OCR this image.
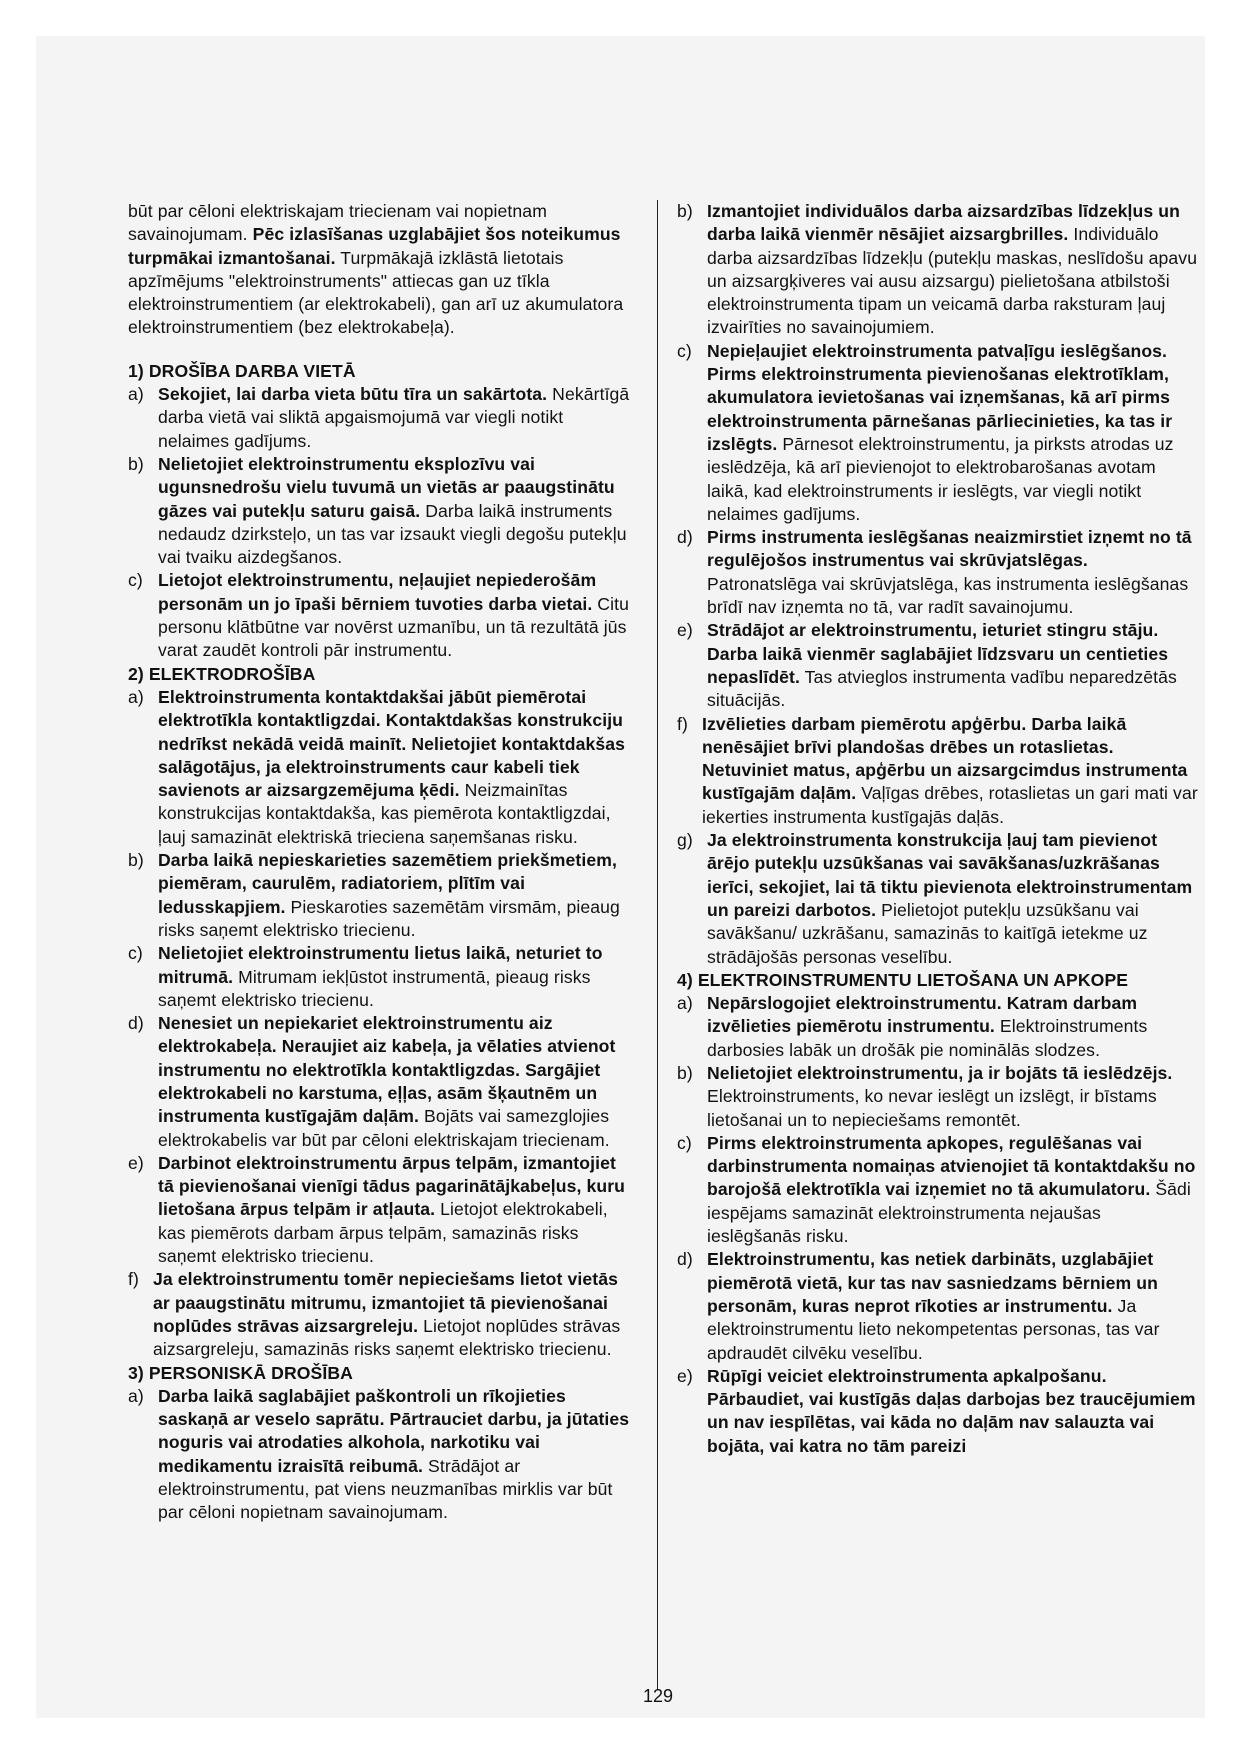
būt par cēloni elektriskajam triecienam vai nopietnam savainojumam. Pēc izlasīšanas uzglabājiet šos noteikumus turpmākai izmantošanai. Turpmākajā izklāstā lietotais apzīmējums "elektroinstruments" attiecas gan uz tīkla elektroinstrumentiem (ar elektrokabeli), gan arī uz akumulatora elektroinstrumentiem (bez elektrokabeļa).

1) DROŠĪBA DARBA VIETĀ

a) Sekojiet, lai darba vieta būtu tīra un sakārtota. Nekārtīgā darba vietā vai sliktā apgaismojumā var viegli notikt nelaimes gadījums.

b) Nelietojiet elektroinstrumentu eksplozīvu vai ugunsnedrošu vielu tuvumā un vietās ar paaugstinātu gāzes vai putekļu saturu gaisā. Darba laikā instruments nedaudz dzirksteļo, un tas var izsaukt viegli degošu putekļu vai tvaiku aizdegšanos.

c) Lietojot elektroinstrumentu, neļaujiet nepiederošām personām un jo īpaši bērniem tuvoties darba vietai. Citu personu klātbūtne var novērst uzmanību, un tā rezultātā jūs varat zaudēt kontroli pār instrumentu.

2) ELEKTRODROŠĪBA

a) Elektroinstrumenta kontaktdakšai jābūt piemērotai elektrotīkla kontaktligzdai. Kontaktdakšas konstrukciju nedrīkst nekādā veidā mainīt. Nelietojiet kontaktdakšas salāgotājus, ja elektroinstruments caur kabeli tiek savienots ar aizsargzemējuma ķēdi. Neizmainītas konstrukcijas kontaktdakša, kas piemērota kontaktligzdai, ļauj samazināt elektriskā trieciena saņemšanas risku.

b) Darba laikā nepieskarieties sazemētiem priekšmetiem, piemēram, caurulēm, radiatoriem, plītīm vai ledusskapjiem. Pieskaroties sazemētām virsmām, pieaug risks saņemt elektrisko triecienu.

c) Nelietojiet elektroinstrumentu lietus laikā, neturiet to mitrumā. Mitrumam iekļūstot instrumentā, pieaug risks saņemt elektrisko triecienu.

d) Nenesiet un nepiekariet elektroinstrumentu aiz elektrokabeļa. Neraujiet aiz kabeļa, ja vēlaties atvienot instrumentu no elektrotīkla kontaktligzdas. Sargājiet elektrokabeli no karstuma, eļļas, asām šķautnēm un instrumenta kustīgajām daļām. Bojāts vai samezglojies elektrokabelis var būt par cēloni elektriskajam triecienam.

e) Darbinot elektroinstrumentu ārpus telpām, izmantojiet tā pievienošanai vienīgi tādus pagarinātājkabeļus, kuru lietošana ārpus telpām ir atļauta. Lietojot elektrokabeli, kas piemērots darbam ārpus telpām, samazinās risks saņemt elektrisko triecienu.

f) Ja elektroinstrumentu tomēr nepieciešams lietot vietās ar paaugstinātu mitrumu, izmantojiet tā pievienošanai noplūdes strāvas aizsargreleju. Lietojot noplūdes strāvas aizsargreleju, samazinās risks saņemt elektrisko triecienu.

3) PERSONISKĀ DROŠĪBA

a) Darba laikā saglabājiet paškontroli un rīkojieties saskaņā ar veselo saprātu. Pārtrauciet darbu, ja jūtaties noguris vai atrodaties alkohola, narkotiku vai medikamentu izraisītā reibumā. Strādājot ar elektroinstrumentu, pat viens neuzmanības mirklis var būt par cēloni nopietnam savainojumam.

b) Izmantojiet individuālos darba aizsardzības līdzekļus un darba laikā vienmēr nēsājiet aizsargbrilles. Individuālo darba aizsardzības līdzekļu (putekļu maskas, neslīdošu apavu un aizsargķiveres vai ausu aizsargu) pielietošana atbilstoši elektroinstrumenta tipam un veicamā darba raksturam ļauj izvairīties no savainojumiem.

c) Nepieļaujiet elektroinstrumenta patvaļīgu ieslēgšanos. Pirms elektroinstrumenta pievienošanas elektrotīklam, akumulatora ievietošanas vai izņemšanas, kā arī pirms elektroinstrumenta pārnešanas pārliecinieties, ka tas ir izslēgts. Pārnesot elektroinstrumentu, ja pirksts atrodas uz ieslēdzēja, kā arī pievienojot to elektrobarošanas avotam laikā, kad elektroinstruments ir ieslēgts, var viegli notikt nelaimes gadījums.

d) Pirms instrumenta ieslēgšanas neaizmirstiet izņemt no tā regulējošos instrumentus vai skrūvjatslēgas. Patronatslēga vai skrūvjatslēga, kas instrumenta ieslēgšanas brīdī nav izņemta no tā, var radīt savainojumu.

e) Strādājot ar elektroinstrumentu, ieturiet stingru stāju. Darba laikā vienmēr saglabājiet līdzsvaru un centieties nepaslīdēt. Tas atvieglos instrumenta vadību neparedzētās situācijās.

f) Izvēlieties darbam piemērotu apģērbu. Darba laikā nenēsājiet brīvi plandošas drēbes un rotaslietas. Netuviniet matus, apģērbu un aizsargcimdus instrumenta kustīgajām daļām. Vaļīgas drēbes, rotaslietas un gari mati var iekerties instrumenta kustīgajās daļās.

g) Ja elektroinstrumenta konstrukcija ļauj tam pievienot ārējo putekļu uzsūkšanas vai savākšanas/uzkrāšanas ierīci, sekojiet, lai tā tiktu pievienota elektroinstrumentam un pareizi darbotos. Pielietojot putekļu uzsūkšanu vai savākšanu/ uzkrāšanu, samazinās to kaitīgā ietekme uz strādājošās personas veselību.

4) ELEKTROINSTRUMENTU LIETOŠANA UN APKOPE

a) Nepārslogojiet elektroinstrumentu. Katram darbam izvēlieties piemērotu instrumentu. Elektroinstruments darbosies labāk un drošāk pie nominālās slodzes.

b) Nelietojiet elektroinstrumentu, ja ir bojāts tā ieslēdzējs. Elektroinstruments, ko nevar ieslēgt un izslēgt, ir bīstams lietošanai un to nepieciešams remontēt.

c) Pirms elektroinstrumenta apkopes, regulēšanas vai darbinstrumenta nomaiņas atvienojiet tā kontaktdakšu no barojošā elektrotīkla vai izņemiet no tā akumulatoru. Šādi iespējams samazināt elektroinstrumenta nejaušas ieslēgšanās risku.

d) Elektroinstrumentu, kas netiek darbināts, uzglabājiet piemērotā vietā, kur tas nav sasniedzams bērniem un personām, kuras neprot rīkoties ar instrumentu. Ja elektroinstrumentu lieto nekompetentas personas, tas var apdraudēt cilvēku veselību.

e) Rūpīgi veiciet elektroinstrumenta apkalpošanu. Pārbaudiet, vai kustīgās daļas darbojas bez traucējumiem un nav iespīlētas, vai kāda no daļām nav salauzta vai bojāta, vai katra no tām pareizi

129
